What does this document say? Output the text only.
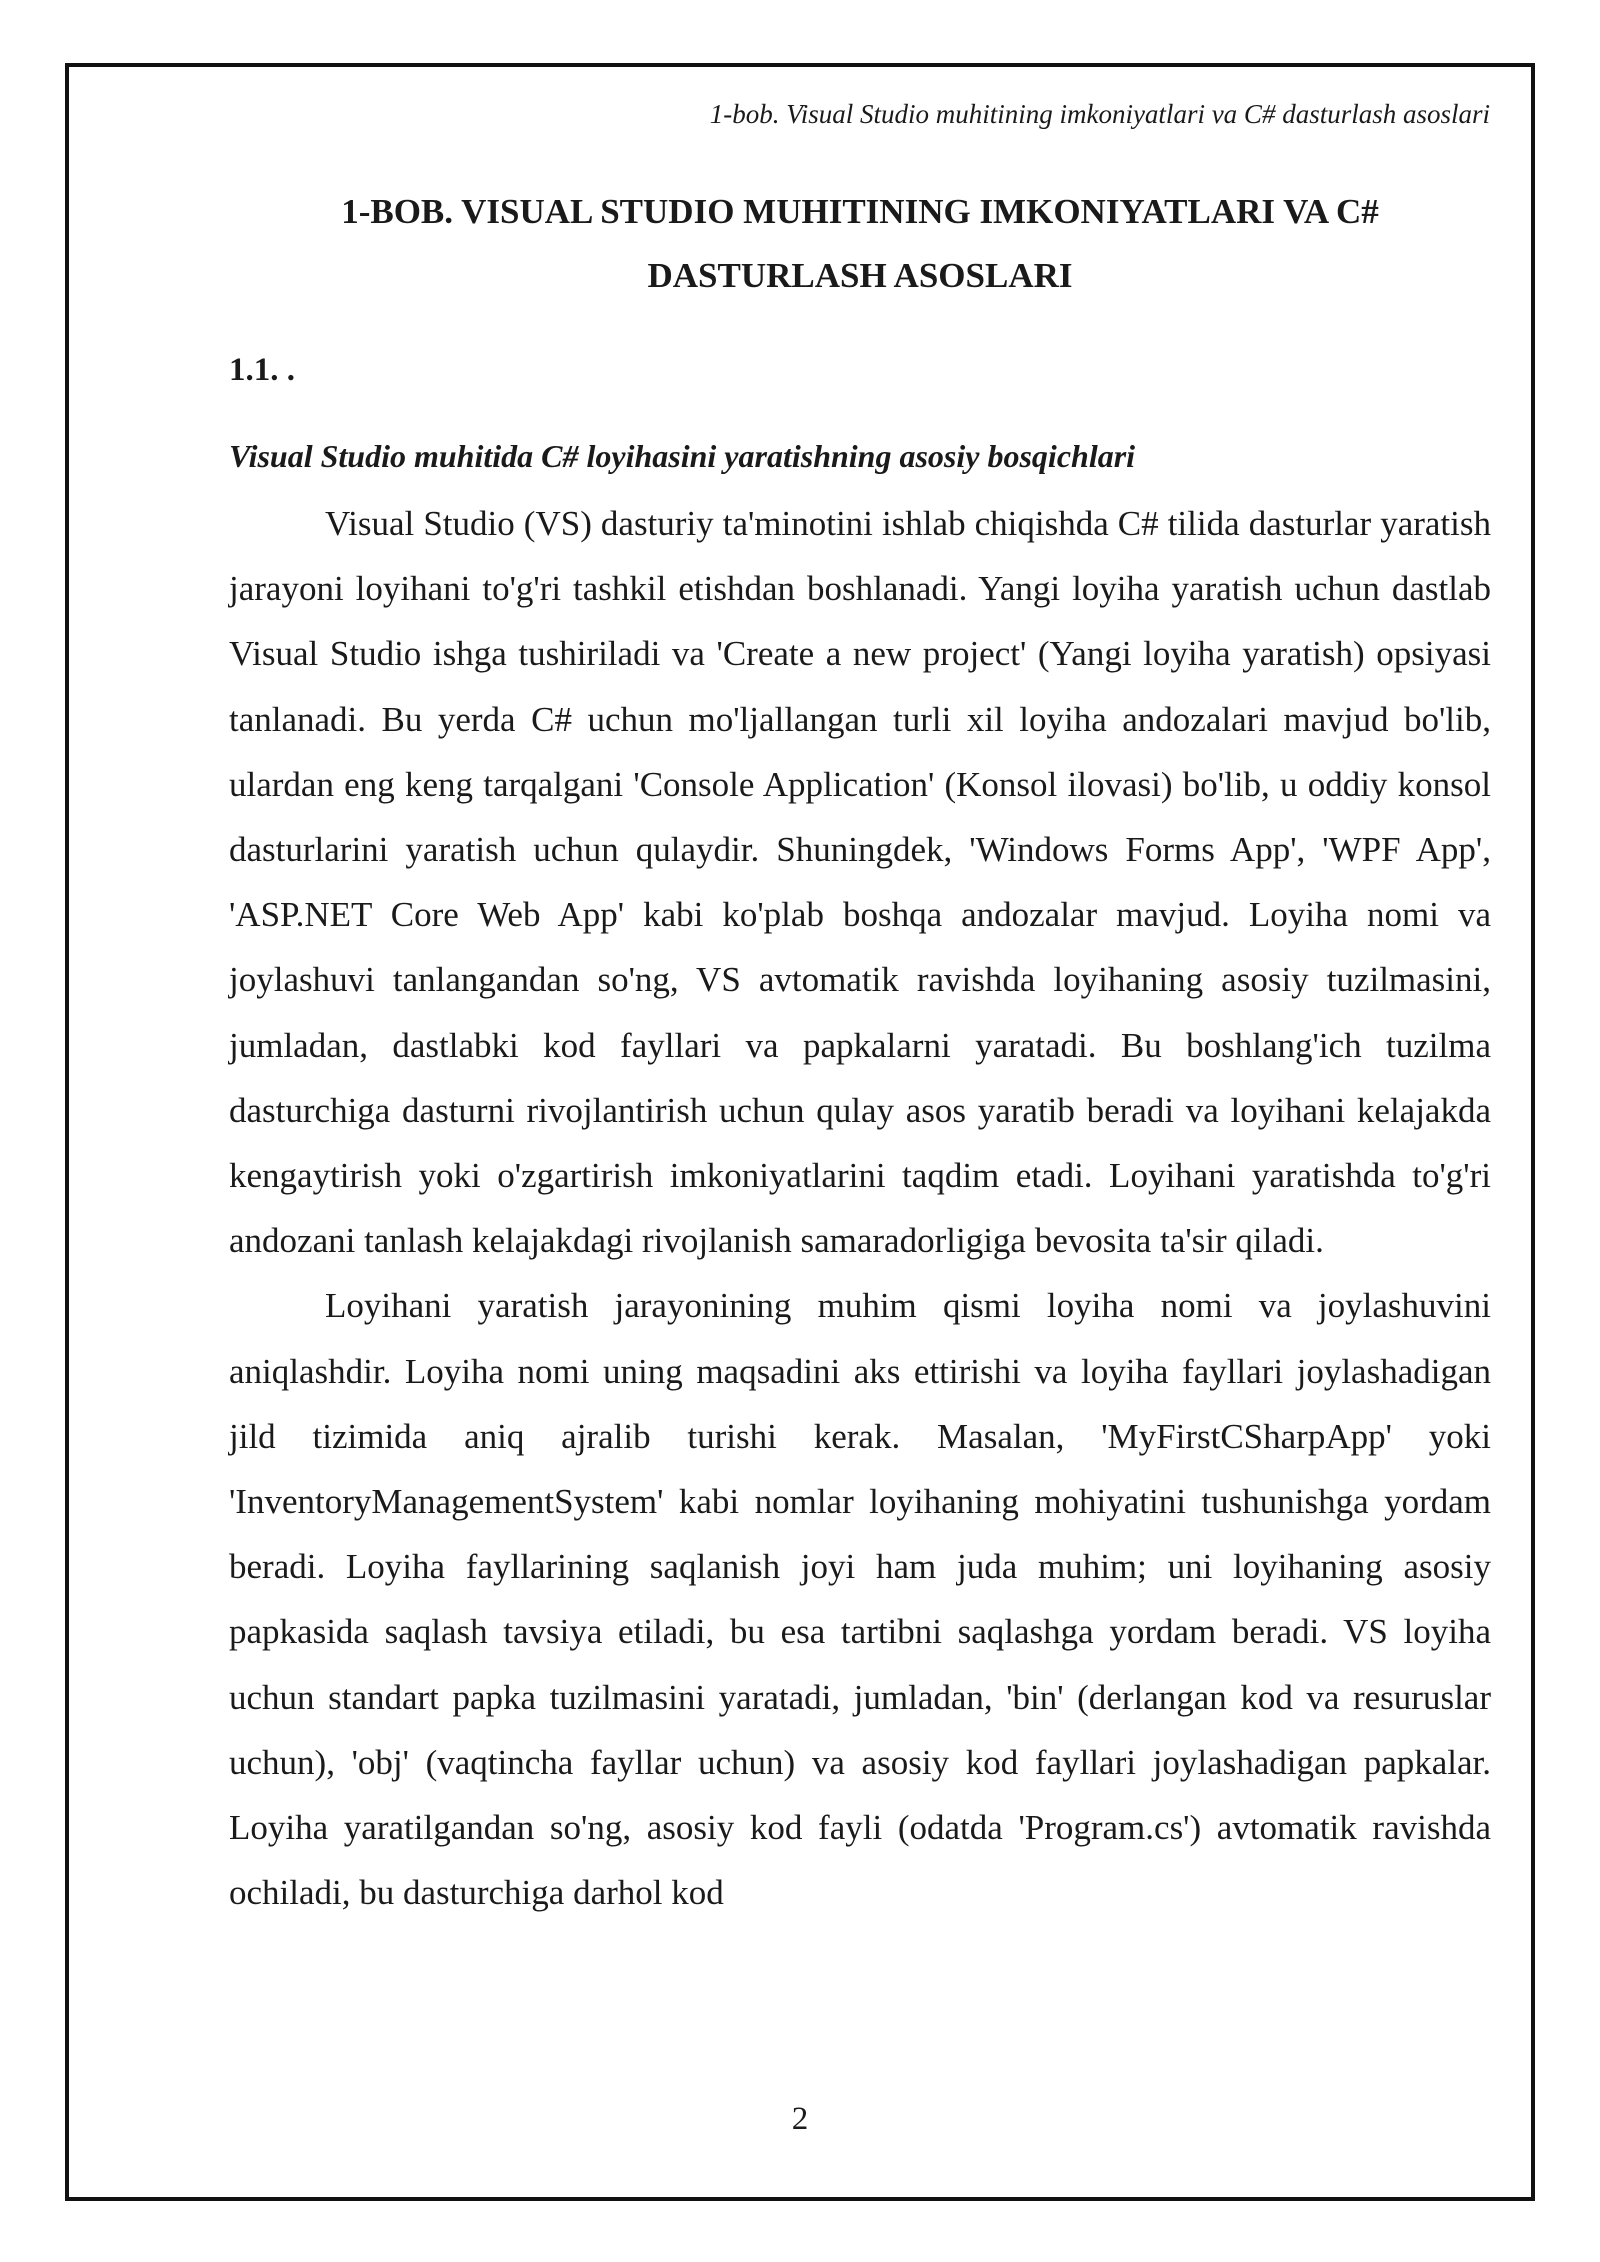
1-bob. Visual Studio muhitining imkoniyatlari va C# dasturlash asoslari
1-BOB. VISUAL STUDIO MUHITINING IMKONIYATLARI VA C# DASTURLASH ASOSLARI
1.1. .
Visual Studio muhitida C# loyihasini yaratishning asosiy bosqichlari

Visual Studio (VS) dasturiy ta'minotini ishlab chiqishda C# tilida dasturlar yaratish jarayoni loyihani to'g'ri tashkil etishdan boshlanadi. Yangi loyiha yaratish uchun dastlab Visual Studio ishga tushiriladi va 'Create a new project' (Yangi loyiha yaratish) opsiyasi tanlanadi. Bu yerda C# uchun mo'ljallangan turli xil loyiha andozalari mavjud bo'lib, ulardan eng keng tarqalgani 'Console Application' (Konsol ilovasi) bo'lib, u oddiy konsol dasturlarini yaratish uchun qulaydir. Shuningdek, 'Windows Forms App', 'WPF App', 'ASP.NET Core Web App' kabi ko'plab boshqa andozalar mavjud. Loyiha nomi va joylashuvi tanlangandan so'ng, VS avtomatik ravishda loyihaning asosiy tuzilmasini, jumladan, dastlabki kod fayllari va papkalarni yaratadi. Bu boshlang'ich tuzilma dasturchiga dasturni rivojlantirish uchun qulay asos yaratib beradi va loyihani kelajakda kengaytirish yoki o'zgartirish imkoniyatlarini taqdim etadi. Loyihani yaratishda to'g'ri andozani tanlash kelajakdagi rivojlanish samaradorligiga bevosita ta'sir qiladi.

Loyihani yaratish jarayonining muhim qismi loyiha nomi va joylashuvini aniqlashdir. Loyiha nomi uning maqsadini aks ettirishi va loyiha fayllari joylashadigan jild tizimida aniq ajralib turishi kerak. Masalan, 'MyFirstCSharpApp' yoki 'InventoryManagementSystem' kabi nomlar loyihaning mohiyatini tushunishga yordam beradi. Loyiha fayllarining saqlanish joyi ham juda muhim; uni loyihaning asosiy papkasida saqlash tavsiya etiladi, bu esa tartibni saqlashga yordam beradi. VS loyiha uchun standart papka tuzilmasini yaratadi, jumladan, 'bin' (derlangan kod va resuruslar uchun), 'obj' (vaqtincha fayllar uchun) va asosiy kod fayllari joylashadigan papkalar. Loyiha yaratilgandan so'ng, asosiy kod fayli (odatda 'Program.cs') avtomatik ravishda ochiladi, bu dasturchiga darhol kod

2
